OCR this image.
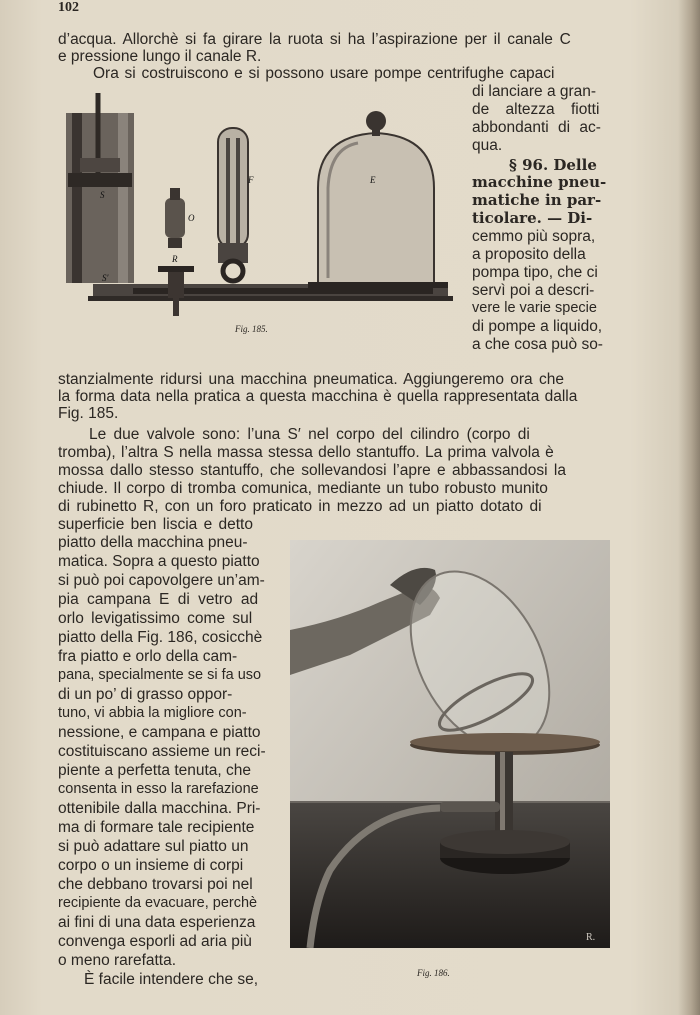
102
d’acqua. Allorchè si fa girare la ruota si ha l’aspirazione per il canale C
e pressione lungo il canale R.
Ora si costruiscono e si possono usare pompe centrifughe capaci
di lanciare a gran-
de altezza fiotti
abbondanti di ac-
qua.
§ 96. Delle
macchine pneu-
matiche in par-
ticolare. — Di-
cemmo più sopra,
a proposito della
pompa tipo, che ci
servì poi a descri-
vere le varie specie
di pompe a liquido,
a che cosa può so-
S
S′
O
R
F	E
Fig. 185.
stanzialmente ridursi una macchina pneumatica. Aggiungeremo ora che
la forma data nella pratica a questa macchina è quella rappresentata dalla
Fig. 185.
Le due valvole sono: l’una S′ nel corpo del cilindro (corpo di
tromba), l’altra S nella massa stessa dello stantuffo. La prima valvola è
mossa dallo stesso stantuffo, che sollevandosi l’apre e abbassandosi la
chiude. Il corpo di tromba comunica, mediante un tubo robusto munito
di rubinetto R, con un foro praticato in mezzo ad un piatto dotato di
superficie ben liscia e detto
piatto della macchina pneu-
matica. Sopra a questo piatto
si può poi capovolgere un’am-
pia campana E di vetro ad
orlo levigatissimo come sul
piatto della Fig. 186, cosicchè
fra piatto e orlo della cam-
pana, specialmente se si fa uso
di un po’ di grasso oppor-
tuno, vi abbia la migliore con-
nessione, e campana e piatto
costituiscano assieme un reci-
piente a perfetta tenuta, che
consenta in esso la rarefazione
ottenibile dalla macchina. Pri-
ma di formare tale recipiente
si può adattare sul piatto un
corpo o un insieme di corpi
che debbano trovarsi poi nel
recipiente da evacuare, perchè
ai fini di una data esperienza
convenga esporli ad aria più
o meno rarefatta.
È facile intendere che se,
R.
Fig. 186.
